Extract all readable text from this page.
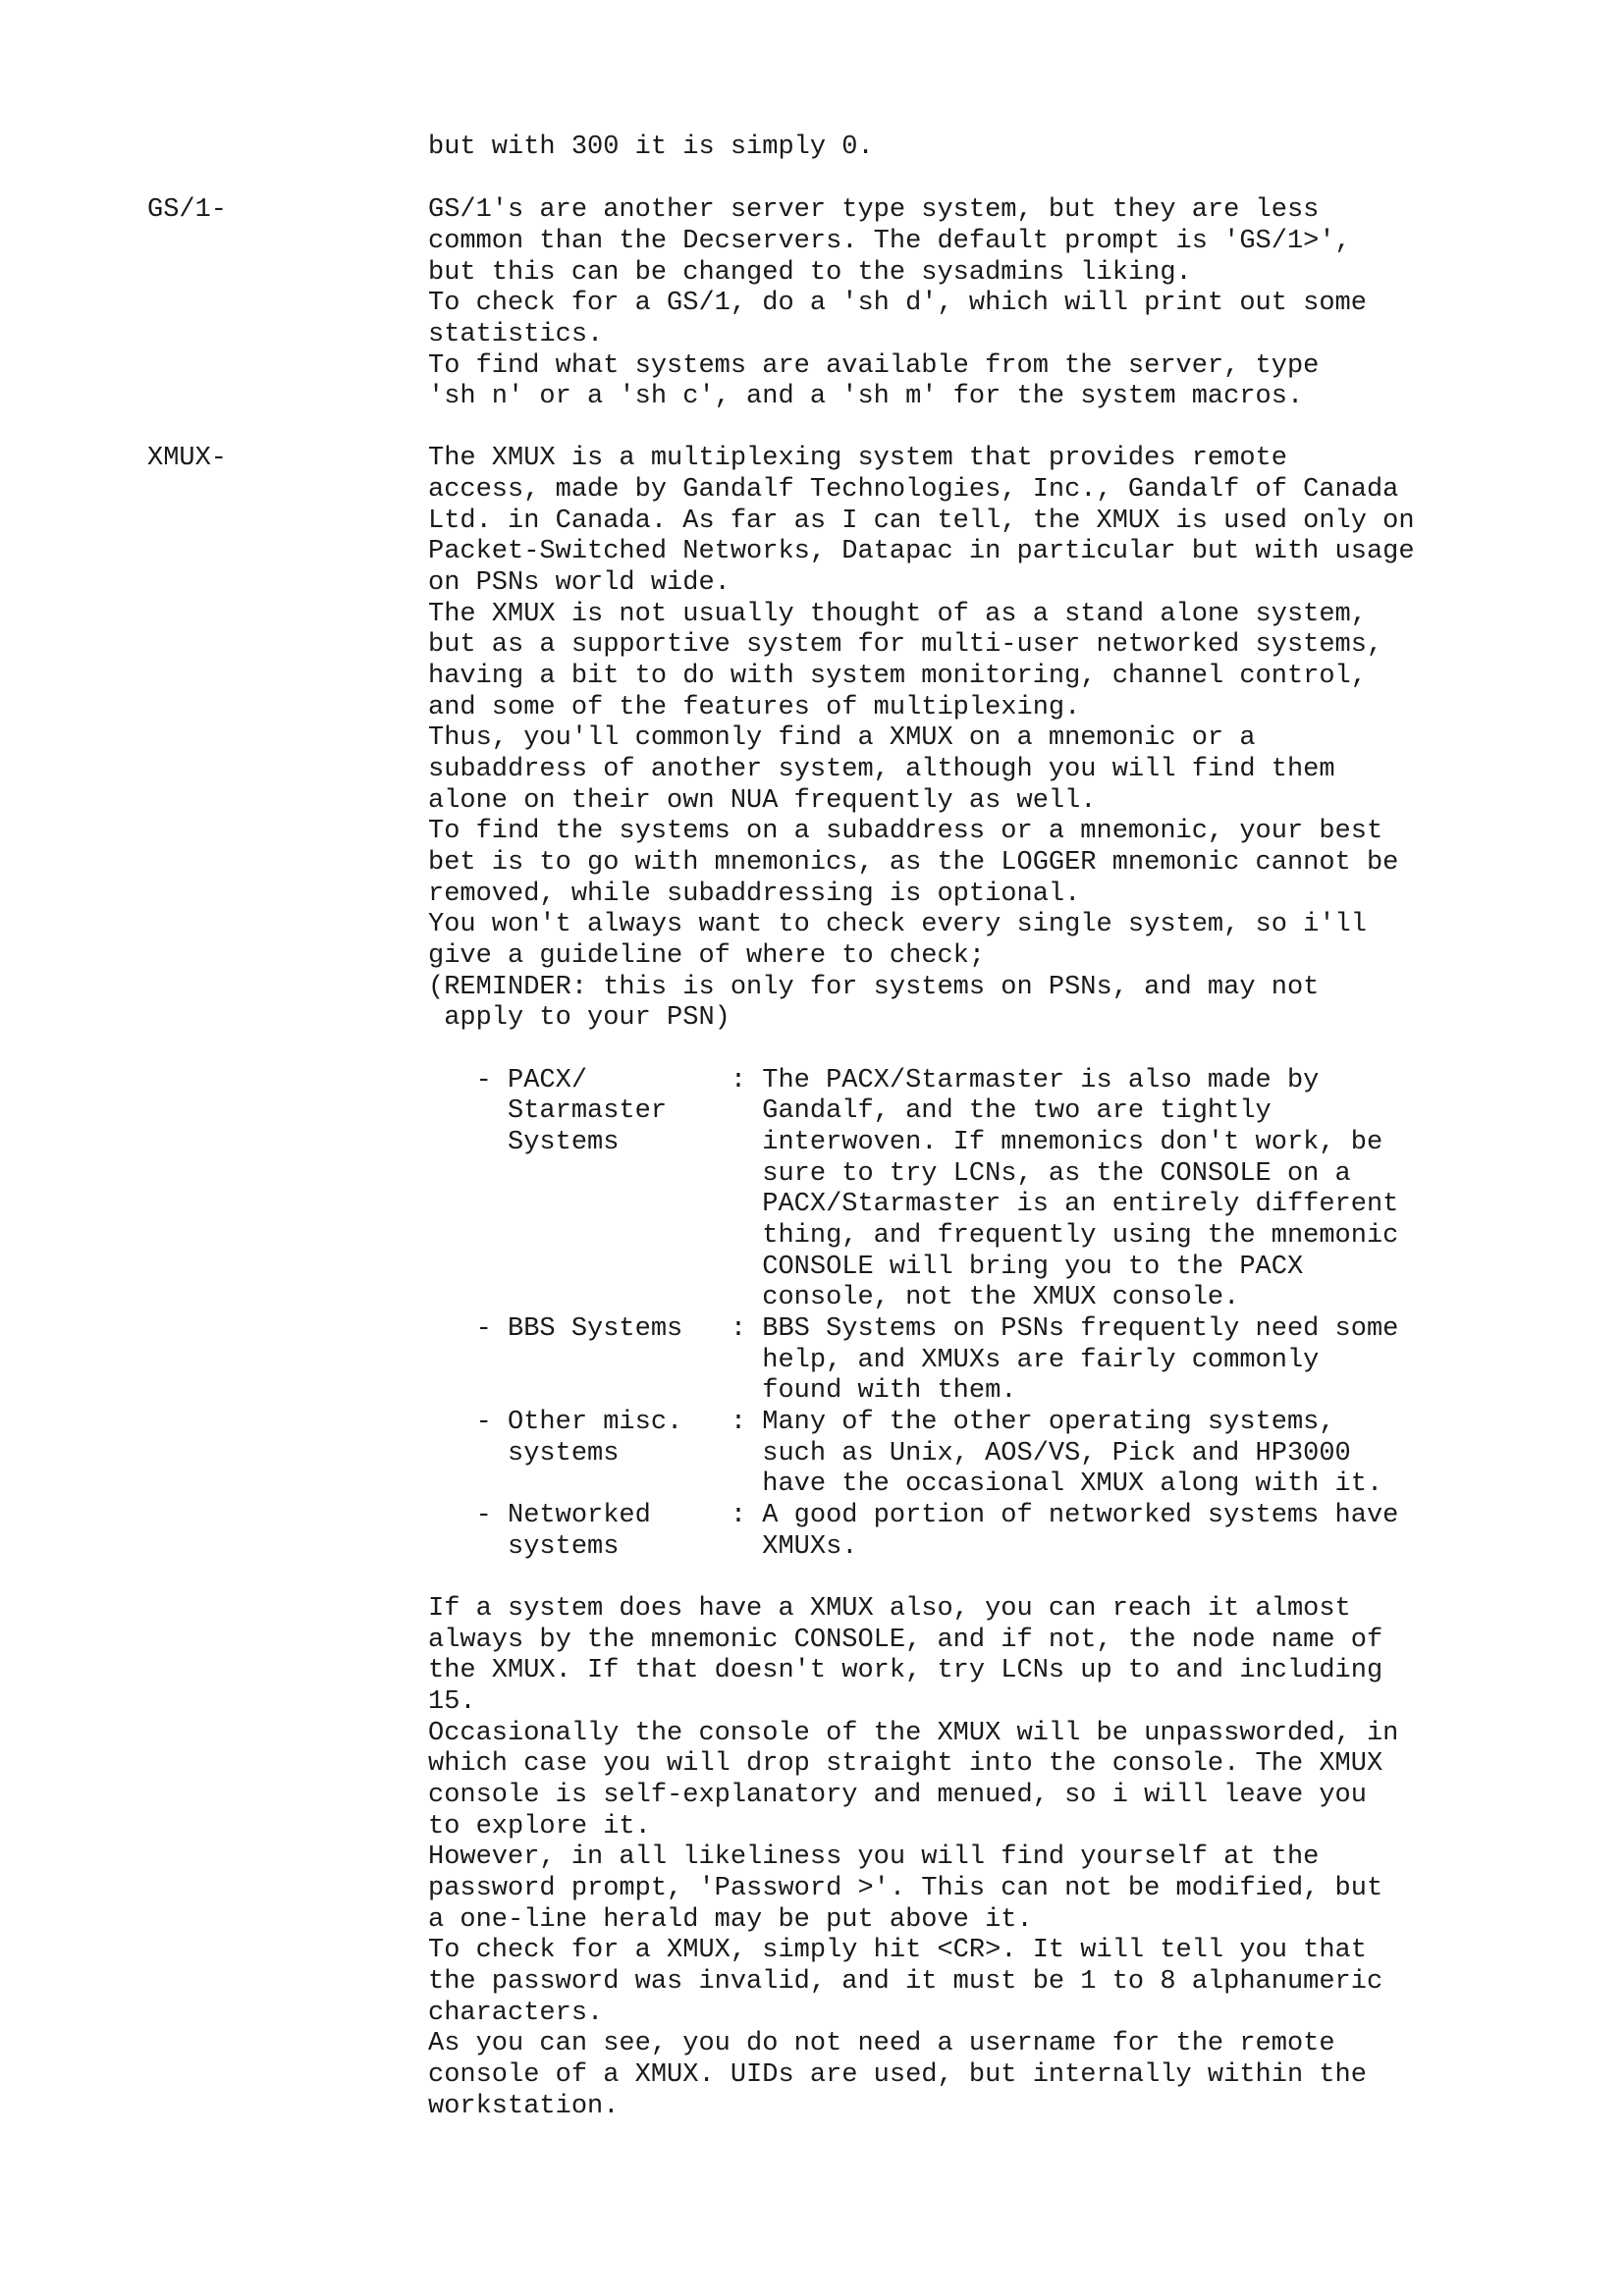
but with 300 it is simply 0.
GS/1-	GS/1's are another server type system, but they are less
common than the Decservers. The default prompt is 'GS/1>',
but this can be changed to the sysadmins liking.
To check for a GS/1, do a 'sh d', which will print out some
statistics.
To find what systems are available from the server, type
'sh n' or a 'sh c', and a 'sh m' for the system macros.
XMUX-	The XMUX is a multiplexing system that provides remote
access, made by Gandalf Technologies, Inc., Gandalf of Canada
Ltd. in Canada. As far as I can tell, the XMUX is used only on
Packet-Switched Networks, Datapac in particular but with usage
on PSNs world wide.
The XMUX is not usually thought of as a stand alone system,
but as a supportive system for multi-user networked systems,
having a bit to do with system monitoring, channel control,
and some of the features of multiplexing.
Thus, you'll commonly find a XMUX on a mnemonic or a
subaddress of another system, although you will find them
alone on their own NUA frequently as well.
To find the systems on a subaddress or a mnemonic, your best
bet is to go with mnemonics, as the LOGGER mnemonic cannot be
removed, while subaddressing is optional.
You won't always want to check every single system, so i'll
give a guideline of where to check;
(REMINDER: this is only for systems on PSNs, and may not
apply to your PSN)
- PACX/         : The PACX/Starmaster is also made by
Starmaster      Gandalf, and the two are tightly
Systems         interwoven. If mnemonics don't work, be
sure to try LCNs, as the CONSOLE on a
PACX/Starmaster is an entirely different
thing, and frequently using the mnemonic
CONSOLE will bring you to the PACX
console, not the XMUX console.
- BBS Systems   : BBS Systems on PSNs frequently need some
help, and XMUXs are fairly commonly
found with them.
- Other misc.   : Many of the other operating systems,
systems         such as Unix, AOS/VS, Pick and HP3000
have the occasional XMUX along with it.
- Networked     : A good portion of networked systems have
systems         XMUXs.
If a system does have a XMUX also, you can reach it almost
always by the mnemonic CONSOLE, and if not, the node name of
the XMUX. If that doesn't work, try LCNs up to and including
15.
Occasionally the console of the XMUX will be unpassworded, in
which case you will drop straight into the console. The XMUX
console is self-explanatory and menued, so i will leave you
to explore it.
However, in all likeliness you will find yourself at the
password prompt, 'Password >'. This can not be modified, but
a one-line herald may be put above it.
To check for a XMUX, simply hit <CR>. It will tell you that
the password was invalid, and it must be 1 to 8 alphanumeric
characters.
As you can see, you do not need a username for the remote
console of a XMUX. UIDs are used, but internally within the
workstation.
